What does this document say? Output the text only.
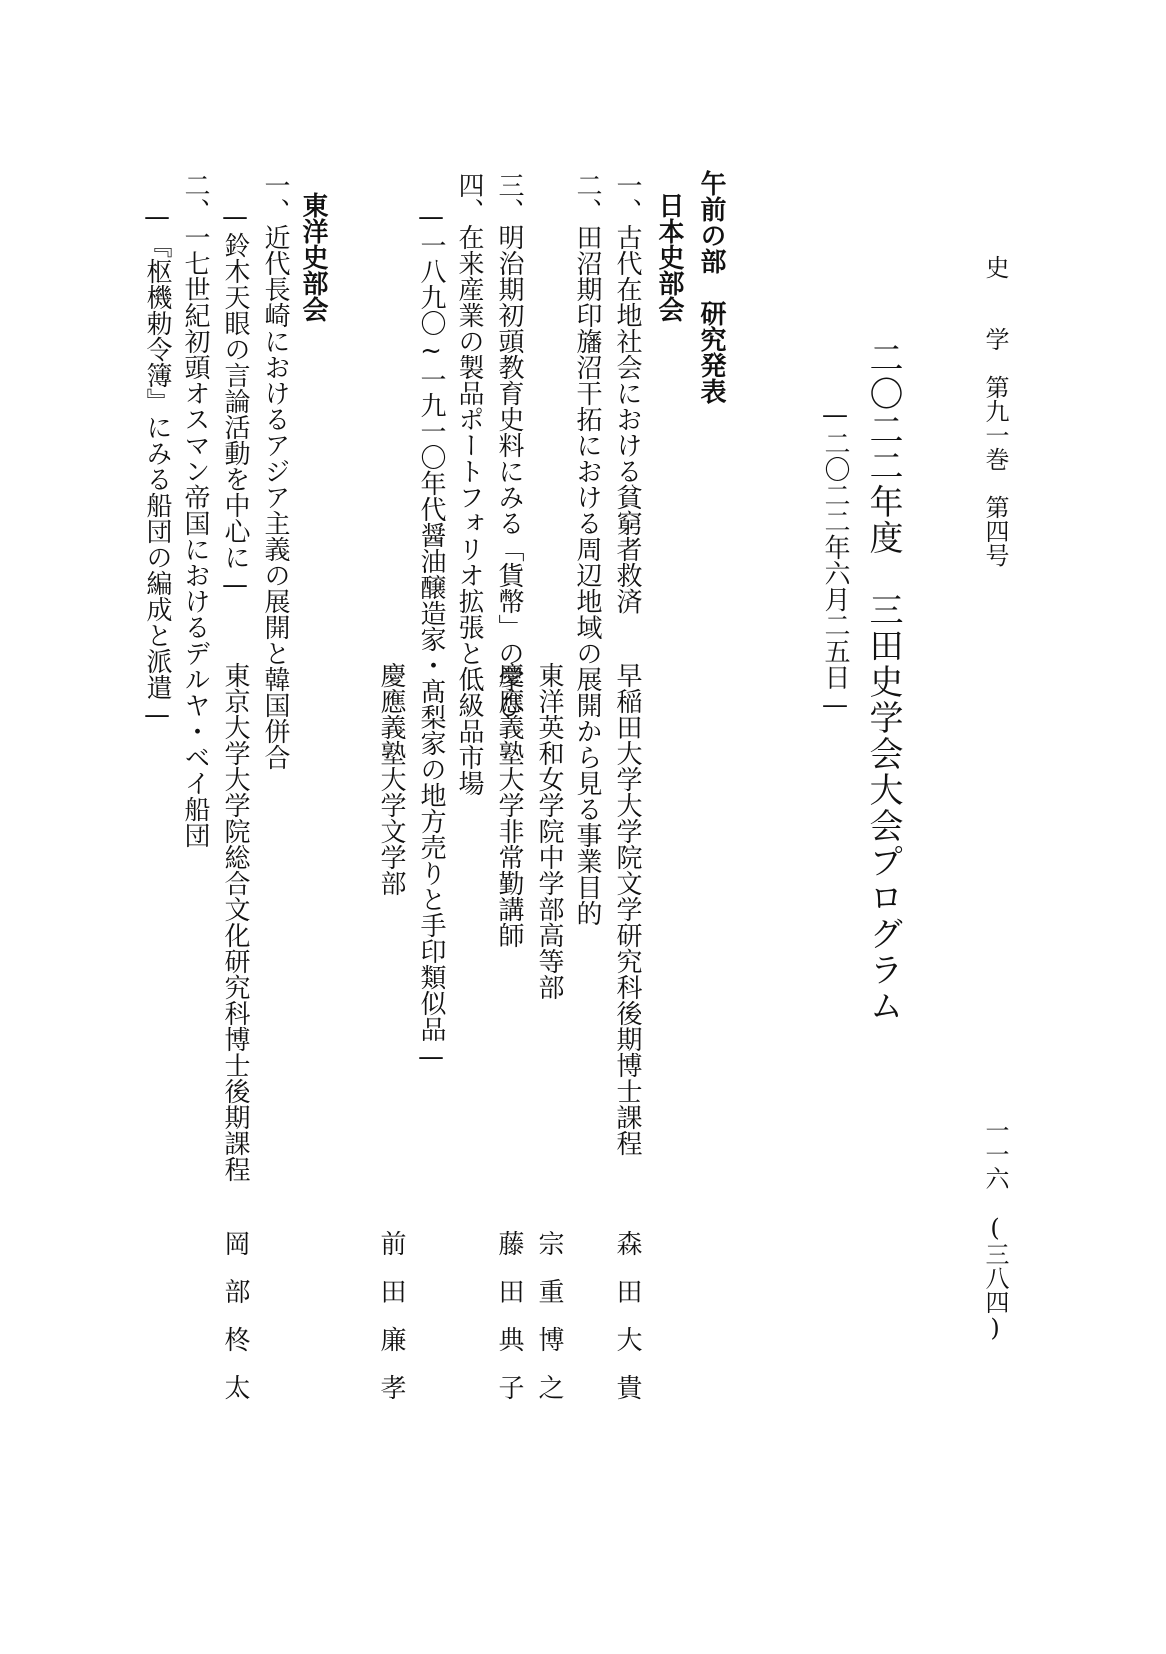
史　　学　第九一巻　第四号
一一六　(三八四)
二〇二二年度　三田史学会大会プログラム
—二〇二二年六月二五日—
午前の部　研究発表
日本史部会
一、古代在地社会における貧窮者救済
早稲田大学大学院文学研究科後期博士課程
森田大貴
二、田沼期印旛沼干拓における周辺地域の展開から見る事業目的
東洋英和女学院中学部高等部
宗重博之
三、明治期初頭教育史料にみる「貨幣」の学び
慶應義塾大学非常勤講師
藤田典子
四、在来産業の製品ポートフォリオ拡張と低級品市場
—一八九〇~一九一〇年代醤油醸造家・髙梨家の地方売りと手印類似品—
慶應義塾大学文学部
前田廉孝
東洋史部会
一、近代長崎におけるアジア主義の展開と韓国併合
—鈴木天眼の言論活動を中心に—
東京大学大学院総合文化研究科博士後期課程
岡部柊太
二、一七世紀初頭オスマン帝国におけるデルヤ・ベイ船団
—『枢機勅令簿』にみる船団の編成と派遣—
